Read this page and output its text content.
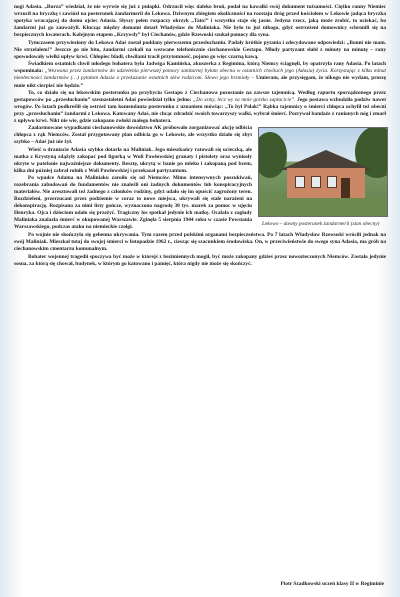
nogi Adasia. „Burza” wiedział, że nie wyrwie się już z pułapki. Odrzucił więc daleko broń, podał na kawałki swój dokument tożsamości. Ciężko ranny Niemiec wrzucił na bryczkę i zawiózł na posterunek żandarmerii do Lekowa. Dziwnym zbiegiem okoliczności na rozstaju dróg przed kościołem w Lekowie jadąca bryczka spotyka wracającej do domu ojciec Adasia. Słyszy pełen rozpaczy okrzyk „Tato!” i wszystko staje się jasne. Jedyna rzecz, jaką może zrobić, to uciekać, bo żandarmi już go zauważyli. Klucząc między domami dotarł Władysław do Maliniaka. Nie było tu już nikogo, gdyż ostrzeżeni domownicy schronili się na bezpiecznych kwaterach. Kolejnym etapem „Krzywdy” był Ciechanów, gdzie Rzewuski szukał pomocy dla syna.

Tymczasem przywieziony do Lekowa Adaś został poddany pierwszemu przesłuchaniu. Padały krótkie pytania i zdecydowane odpowiedzi: „Bonni nie mam. Nie strzelałem!” Jeszcze go nie bito, żandarmi czekali na wezwane telefonicznie ciechanowskie Gestapo. Młody partyzant słabł z minuty na minutę – rany spowodowały wielki upływ krwi. Chłopiec bladł, chwilami tracił przytomność, pojono go więc czarną kawą.

Świadkiem ostatnich chwil młodego bohatera była Jadwiga Kamińska, akuszerka z Regimina, którą Niemcy ściągnęli, by opatrzyła rany Adasia. Po latach wspominała: „Wezwana przez żandarmów do udzielenia pierwszej pomocy sanitarnej byłam obecna w ostatnich chwilach jego (Adasia) życia. Korzystając z kilku minut nieobecności żandarmów (…) pytałam Adasia o przekazanie ostatnich słów rodzicom. Słowo jego brzmiały – Umieram, ale przysięgam, że nikogo nie wydam, proszę mnie nikt cierpieć nie będzie.”

To, co działo się na lekowskim posterunku po przybyciu Gestapo z Ciechanowa pozostanie na zawsze tajemnicą. Według raportu sporządzonego przez gestapowców po „przesłuchaniu” szesnastoletni Adaś powiedział tylko jedno: „Do szmy, lecz wy za mnie gorzko zapłacicie”. Jego postawa wzbudziła podziw nawet wrogów. Po latach podkreślił się ostrzeż tam komendanta posterunku z uznaniem mówiąc: „To był Polak!” Rąbka tajemnicy o śmierci chłopca uchylił też obecni przy „przesłuchaniu” żandarmi z Lekowa. Katowany Adaś, nie chcąc zdradzić swoich towarzyszy walki, wybrał śmierć. Pozrywał bandaże z ranionych nóg i zmarł z upływu krwi. Nikt nie wie, gdzie zakopano zwłoki małego bohatera.

Lekowo – dawny posterunek żandarmerii (stan obecny)

Zaalarmowane wypadkami ciechanowskie dowództwo AK próbowało zorganizować akcję odbicia chłopca z rąk Niemców. Został przygotowany plan odbicia go w Lekowie, ale wszystko działo się zbyt szybko – Adaś już nie żył.

Wieść o draniacie Adasia szybko dotarła na Maliniak. Jego mieszkańcy ratowali się ucieczką, ale matka z Krystyną zdążyły zakopać pod figurką w Woli Pawłowskiej granaty i pistolety oraz wyniosły ukryte w patefonie najważniejsze dokumenty. Resztę, ukrytą w banie po mleku i zakopaną pod bzem, kilka dni później zabrał rolnik z Woli Pawłowskiej i przekazał partyzantom.

Po wpadce Adama na Maliniaku zaroiło się od Niemców. Mimo intensywnych poszukiwań, rozebrania zabudowań do fundamentów nie znaleźli oni żadnych dokumentów lub konspiracyjnych materiałów. Nie aresztowali też żadnego z członków rodziny, gdyż udało się im opuścić zagrożony teren. Rozdzieleni, przerzucani przez podziemie w coraz to nowe miejsca, ukrywali się stale narażeni na dekonspirację. Rozpisano za nimi listy gończe, wyznaczono nagrodę 30 tys. marek za pomoc w ujęciu Henryka. Ojca i dzieciom udało się przeżyć. Tragiczny los spotkał jedynie ich matkę. Ocalała z zagłady Maliniaka znalazła śmierć w okupowanej Warszawie. Zginęła 5 sierpnia 1944 roku w czasie Powstania Warszawskiego, podczas ataku na niemieckie czołgi.

Po wojnie nie skończyła się gehenna ukrywania. Tym razem przed polskimi organami bezpieczeństwa. Po 7 latach Władysław Rzewuski wróciłi jednak na swój Maliniak. Mieszkał tutaj do swojej śmierci w listopadzie 1962 r., ciesząc się szacunkiem środowiska. On, w przeciwieństwie do swego syna Adasia, ma grób na ciechanowskim cmentarzu komunalnym.

Bohater wojennej tragedii spoczywa być może w którejś z bezimiennych mogił, być może zakopany gdzieś przez nowozieczonych Niemców. Została jedynie sosna, za którą się chował, budynek, w którym go katowano i pamięć, która nigdy nie może się skończyć.

Piotr Szadkowski uczeń klasy II w Regiminie
